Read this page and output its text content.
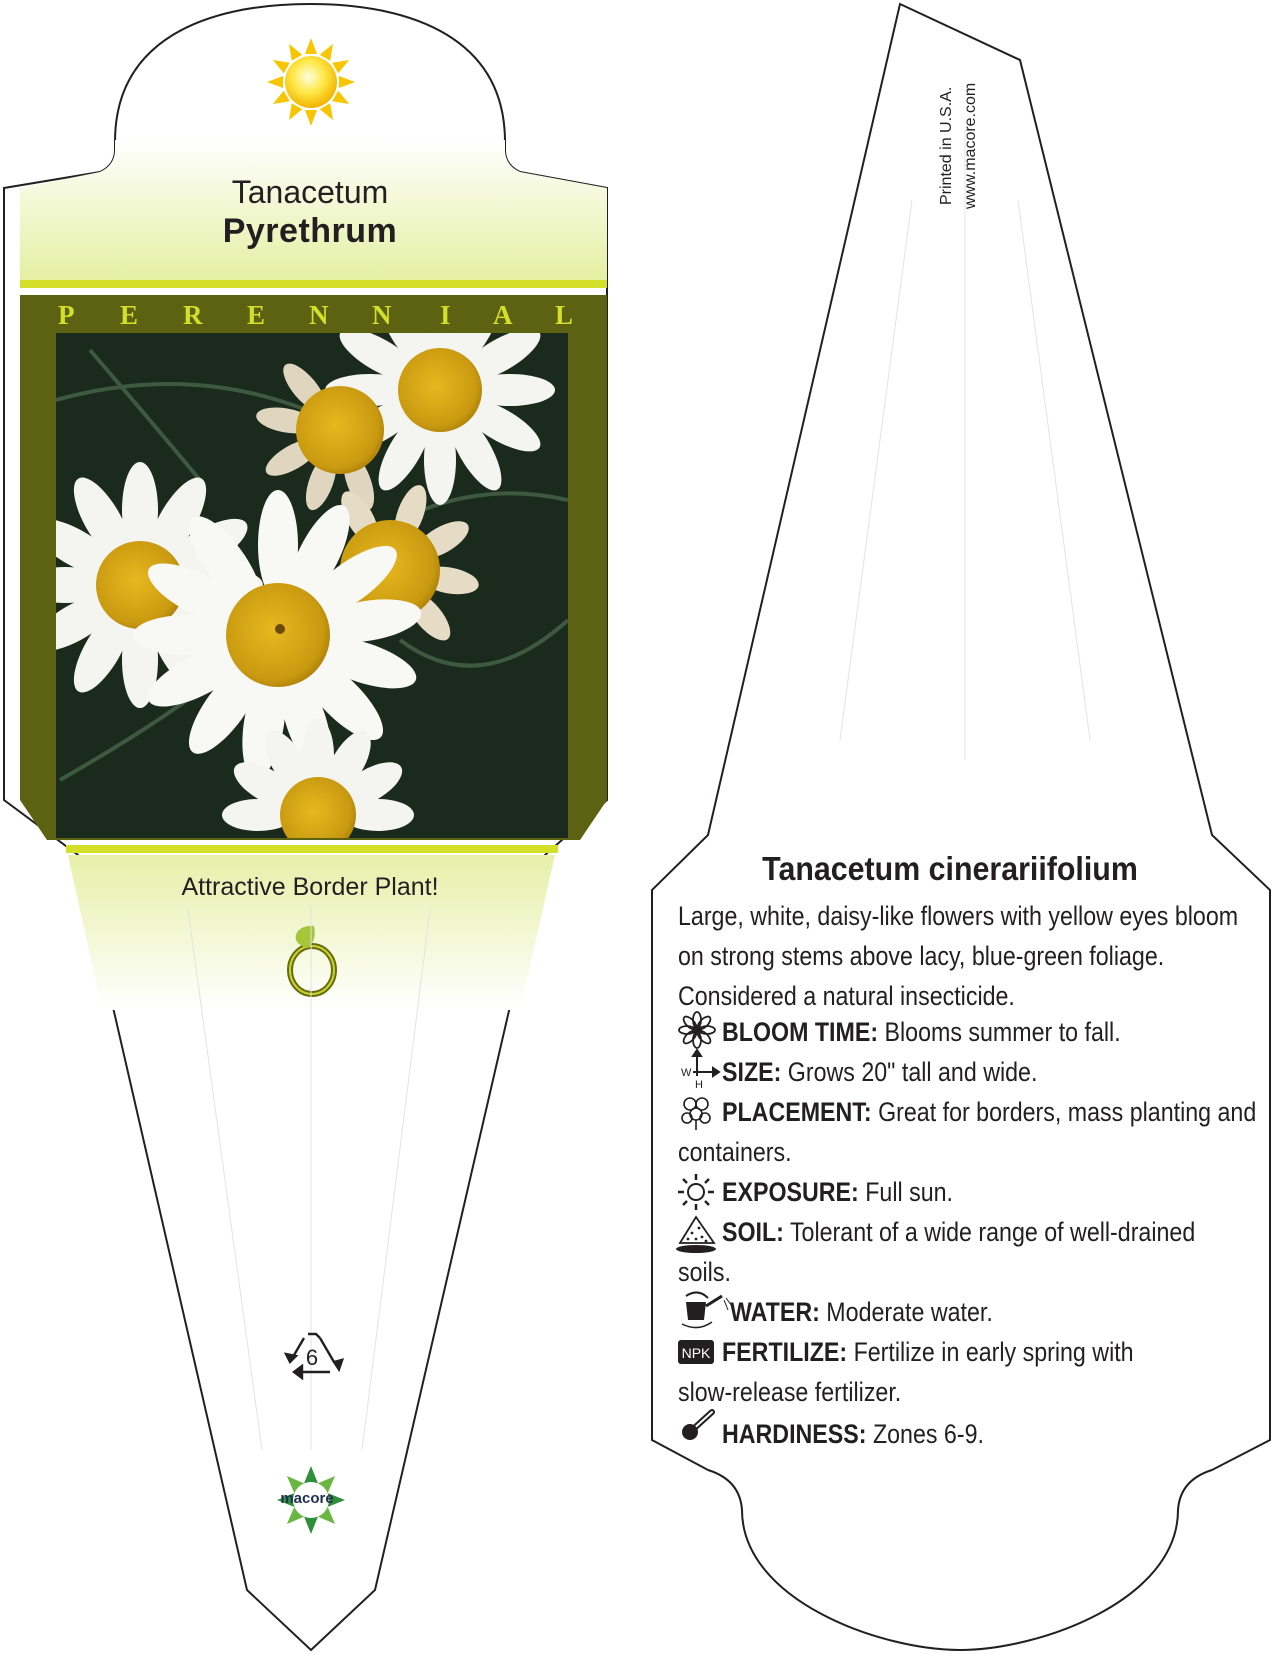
W
H
NPK
Tanacetum
Pyrethrum
P E R E N N I A L
Attractive Border Plant!
6
macore
Printed in U.S.A. www.macore.com
Tanacetum cinerariifolium

Large, white, daisy-like flowers with yellow eyes bloom

on strong stems above lacy, blue-green foliage.

Considered a natural insecticide.

BLOOM TIME: Blooms summer to fall.
SIZE: Grows 20" tall and wide.
PLACEMENT: Great for borders, mass planting and
containers.
EXPOSURE: Full sun.
SOIL: Tolerant of a wide range of well-drained
soils.
WATER: Moderate water.
FERTILIZE: Fertilize in early spring with
slow-release fertilizer.
HARDINESS: Zones 6-9.
